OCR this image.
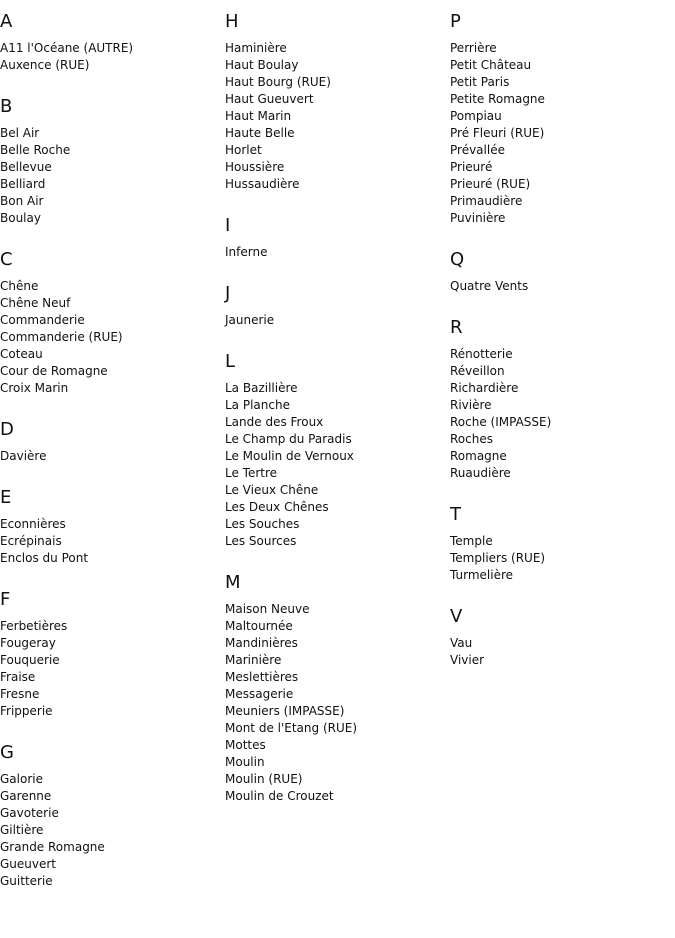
A
A11 l'Océane (AUTRE)
Auxence (RUE)
B
Bel Air
Belle Roche
Bellevue
Belliard
Bon Air
Boulay
C
Chêne
Chêne Neuf
Commanderie
Commanderie (RUE)
Coteau
Cour de Romagne
Croix Marin
D
Davière
E
Econnières
Ecrépinais
Enclos du Pont
F
Ferbetières
Fougeray
Fouquerie
Fraise
Fresne
Fripperie
G
Galorie
Garenne
Gavoterie
Giltière
Grande Romagne
Gueuvert
Guitterie
H
Haminière
Haut Boulay
Haut Bourg (RUE)
Haut Gueuvert
Haut Marin
Haute Belle
Horlet
Houssière
Hussaudière
I
Inferne
J
Jaunerie
L
La Bazillière
La Planche
Lande des Froux
Le Champ du Paradis
Le Moulin de Vernoux
Le Tertre
Le Vieux Chêne
Les Deux Chênes
Les Souches
Les Sources
M
Maison Neuve
Maltournée
Mandinières
Marinière
Meslettières
Messagerie
Meuniers (IMPASSE)
Mont de l'Etang (RUE)
Mottes
Moulin
Moulin (RUE)
Moulin de Crouzet
P
Perrière
Petit Château
Petit Paris
Petite Romagne
Pompiau
Pré Fleuri (RUE)
Prévallée
Prieuré
Prieuré (RUE)
Primaudière
Puvinière
Q
Quatre Vents
R
Rénotterie
Réveillon
Richardière
Rivière
Roche (IMPASSE)
Roches
Romagne
Ruaudière
T
Temple
Templiers (RUE)
Turmelière
V
Vau
Vivier
